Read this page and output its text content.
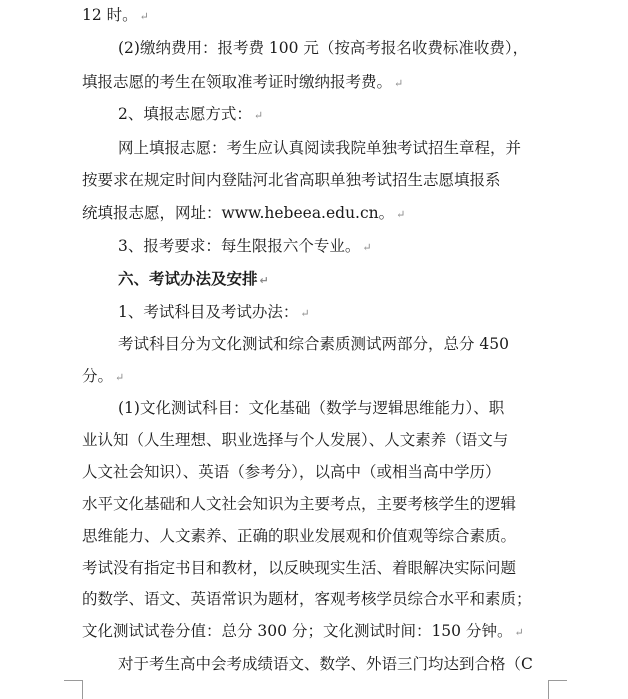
12 时。 ↵
(2)缴纳费用：报考费 100 元（按高考报名收费标准收费），
填报志愿的考生在领取准考证时缴纳报考费。 ↵
2、填报志愿方式： ↵
网上填报志愿：考生应认真阅读我院单独考试招生章程，并
按要求在规定时间内登陆河北省高职单独考试招生志愿填报系
统填报志愿，网址：www.hebeea.edu.cn。 ↵
3、报考要求：每生限报六个专业。 ↵
六、考试办法及安排 ↵
1、考试科目及考试办法： ↵
考试科目分为文化测试和综合素质测试两部分，总分 450
分。 ↵
(1)文化测试科目：文化基础（数学与逻辑思维能力）、职
业认知（人生理想、职业选择与个人发展）、人文素养（语文与
人文社会知识）、英语（参考分），以高中（或相当高中学历）
水平文化基础和人文社会知识为主要考点，主要考核学生的逻辑
思维能力、人文素养、正确的职业发展观和价值观等综合素质。
考试没有指定书目和教材，以反映现实生活、着眼解决实际问题
的数学、语文、英语常识为题材，客观考核学员综合水平和素质；
文化测试试卷分值：总分 300 分；文化测试时间：150 分钟。 ↵
对于考生高中会考成绩语文、数学、外语三门均达到合格（C
